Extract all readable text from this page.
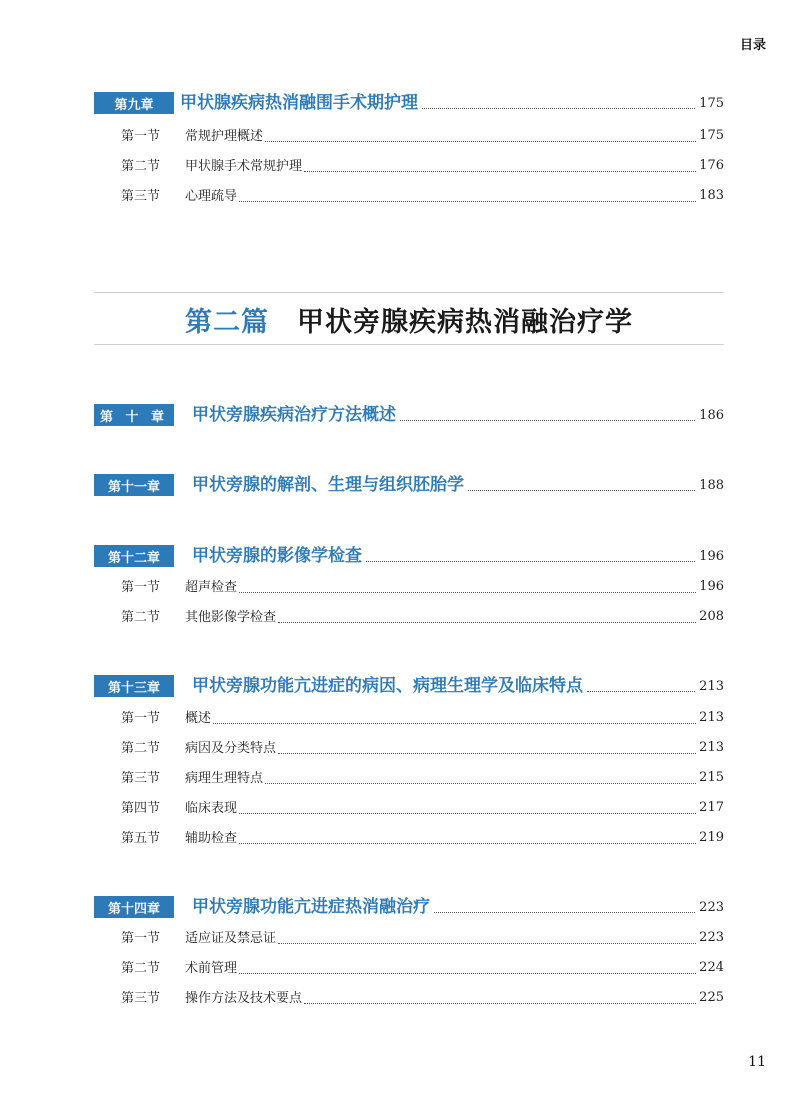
目录
第九章	甲状腺疾病热消融围手术期护理	175
第一节	常规护理概述	175
第二节	甲状腺手术常规护理	176
第三节	心理疏导	183
第二篇 甲状旁腺疾病热消融治疗学
第 十 章	甲状旁腺疾病治疗方法概述	186
第十一章	甲状旁腺的解剖、生理与组织胚胎学	188
第十二章	甲状旁腺的影像学检查	196
第一节	超声检查	196
第二节	其他影像学检查	208
第十三章	甲状旁腺功能亢进症的病因、病理生理学及临床特点	213
第一节	概述	213
第二节	病因及分类特点	213
第三节	病理生理特点	215
第四节	临床表现	217
第五节	辅助检查	219
第十四章	甲状旁腺功能亢进症热消融治疗	223
第一节	适应证及禁忌证	223
第二节	术前管理	224
第三节	操作方法及技术要点	225
11
